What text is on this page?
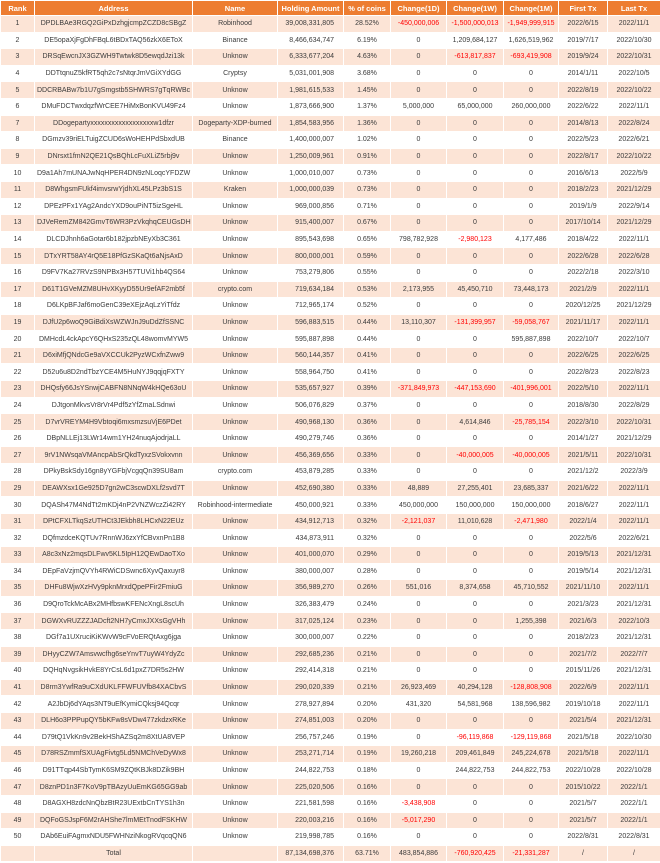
Rank	Address	Name	Holding Amount	% of coins	Change(1D)	Change(1W)	Change(1M)	First Tx	Last Tx
1	DPDLBAe3RGQ2GiPxDzhgjcmpZCZD8cSBgZ	Robinhood	39,008,331,805	28.52%	-450,000,006	-1,500,000,013	-1,949,999,915	2022/6/15	2022/11/1
2	DE5opaXjFgDhFBqL6tBDxTAQ56zkX6EToX	Binance	8,466,634,747	6.19%	0	1,209,684,127	1,626,519,962	2019/7/17	2022/10/30
3	DRSqEwcnJX3GZWH9Twtwk8D5ewqdJzi13k	Unknow	6,333,677,204	4.63%	0	-613,817,837	-693,419,908	2019/9/24	2022/10/31
4	DDTtqnuZ5kfRT5qh2c7sNtqrJmVGiXYdGG	Cryptsy	5,031,001,908	3.68%	0	0	0	2014/1/11	2022/10/5
5	DDCRBABw7b1U7gSmgstb5SHWRS7gTqRWBc	Unknow	1,981,615,533	1.45%	0	0	0	2022/8/19	2022/10/22
6	DMuFDCTwxdqzfWrCEE7HiMxBonKVU49Fz4	Unknow	1,873,666,900	1.37%	5,000,000	65,000,000	260,000,000	2022/6/22	2022/11/1
7	DDogepartyxxxxxxxxxxxxxxxxxxw1dfzr	Dogeparty-XDP-burned	1,854,583,956	1.36%	0	0	0	2014/8/13	2022/8/24
8	DGmzv39riELTuigZCUD6sWoHEHPdSbxdUB	Binance	1,400,000,007	1.02%	0	0	0	2022/5/23	2022/6/21
9	DNrsxt1fmN2QE21QsBQhLcFuXLiZ5rbj9v	Unknow	1,250,009,961	0.91%	0	0	0	2022/8/17	2022/10/22
10	D9a1Ah7mUNAJwNqHPER4DN9zNLoqcYFDZW	Unknow	1,000,010,007	0.73%	0	0	0	2016/6/13	2022/5/9
11	D8WhgsmFUkf4imvsrwYjdhXL45LPz3bS1S	Kraken	1,000,000,039	0.73%	0	0	0	2018/2/23	2021/12/29
12	DPEzPFx1YAg2AndcYXD9ouPiNT5izSgeHL	Unknow	969,000,856	0.71%	0	0	0	2019/1/9	2022/9/14
13	DJVeRemZM842GmvT6WR3PzVkqhqCEUGsDH	Unknow	915,400,007	0.67%	0	0	0	2017/10/14	2021/12/29
14	DLCDJhnh6aGotar6b182jpzbNEyXb3C361	Unknow	895,543,698	0.65%	798,782,928	-2,980,123	4,177,486	2018/4/22	2022/11/1
15	DTxYRT58AY4rQ5E18PfGzSKaQt6aNjsAxD	Unknow	800,000,001	0.59%	0	0	0	2022/6/28	2022/6/28
16	D9FV7Ka27RVzS9NPBx3H57TUVi1hb4QS64	Unknow	753,279,806	0.55%	0	0	0	2022/2/18	2022/3/10
17	D61T1GVeMZM8UHvXKyyD55Ur9efAF2mb5f	crypto.com	719,634,184	0.53%	2,173,955	45,450,710	73,448,173	2021/2/9	2022/11/1
18	D6LKpBFJaf6moGenC39eXEjzAqLzYiTfdz	Unknow	712,965,174	0.52%	0	0	0	2020/12/25	2021/12/29
19	DJfU2p6woQ9GiBdiXsWZWJnJ9uDdZfSSNC	Unknow	596,883,515	0.44%	13,110,307	-131,399,957	-59,058,767	2021/11/17	2022/11/1
20	DMHcdL4ckApcY6QHxS235zQL48womvMYW5	Unknow	595,887,898	0.44%	0	0	595,887,898	2022/10/7	2022/10/7
21	D6xiMfjQNdcGe9aVXCCUk2PyzWCxfnZww9	Unknow	560,144,357	0.41%	0	0	0	2022/6/25	2022/6/25
22	D52u6u8D2ndTbzYCE4M5HuNYJ9qqjqFXTY	Unknow	558,964,750	0.41%	0	0	0	2022/8/23	2022/8/23
23	DHQsfy66JsYSnwjCABFN8NNqW4kHQe63oU	Unknow	535,657,927	0.39%	-371,849,973	-447,153,690	-401,996,001	2022/5/10	2022/11/1
24	DJtgonMkvsVr8rVr4Pdf5zYfZmaLSdnwi	Unknow	506,076,829	0.37%	0	0	0	2018/8/30	2022/8/29
25	D7vrVREYM4H9Vbtoqi6mxsmzsuVjE6PDet	Unknow	490,968,130	0.36%	0	4,614,846	-25,785,154	2022/3/10	2022/10/31
26	DBpNLLEj13LWr14wm1YH24nuqAjodrjaLL	Unknow	490,279,746	0.36%	0	0	0	2014/1/27	2021/12/29
27	9rV1NWsqaVMAncpAbSrQkdTyxzSVokxvnn	Unknow	456,369,656	0.33%	0	-40,000,005	-40,000,005	2021/5/11	2022/10/31
28	DPkyBskSdy16gn8yYGFbjVcgqQn39SU8am	crypto.com	453,879,285	0.33%	0	0	0	2021/12/2	2022/3/9
29	DEAWXsx1Ge925D7gn2wC3scwDXLf2svd7T	Unknow	452,690,380	0.33%	48,889	27,255,401	23,685,337	2021/6/22	2022/11/1
30	DQASh47M4NdTt2mKDj4nP2VNZWczZi42RY	Robinhood-intermediate	450,000,921	0.33%	450,000,000	150,000,000	150,000,000	2018/6/27	2022/11/1
31	DPtCFXLTkqSzUTHCt3JEkbh8LHCxN22EUz	Unknow	434,912,713	0.32%	-2,121,037	11,010,628	-2,471,980	2022/1/4	2022/11/1
32	DQfmzdceKQTUv7RnnWJ6zxYfCBvxnPn1B8	Unknow	434,873,911	0.32%	0	0	0	2022/5/6	2022/6/21
33	A8c3xNz2mqsDLFwv5KL5IpH12QEwDaoTXo	Unknow	401,000,070	0.29%	0	0	0	2019/5/13	2021/12/31
34	DEpFaVzjmQVYh4RWiCDSwnc6XyvQaxuyr8	Unknow	380,000,007	0.28%	0	0	0	2019/5/14	2021/12/31
35	DHFu8WjwXzHVy9pknMrxdQpePFir2FmiuG	Unknow	356,989,270	0.26%	551,016	8,374,658	45,710,552	2021/11/10	2022/11/1
36	D9QroTckMcABx2MHfbswKFENcXngL8scUh	Unknow	326,383,479	0.24%	0	0	0	2021/3/23	2021/12/31
37	DGWXvRUZZZJADcft2NH7yCmxJXXsGgVHh	Unknow	317,025,124	0.23%	0	0	1,255,398	2021/6/3	2022/10/3
38	DGf7a1UXruciKiKWvW9cFVoERQtAxg6jga	Unknow	300,000,007	0.22%	0	0	0	2018/2/23	2021/12/31
39	DHyyCZW7Amsvwcfhg6seYnvT7uyW4YdyZc	Unknow	292,685,236	0.21%	0	0	0	2021/7/2	2022/7/7
40	DQHqNvgsikHvkE8YrCsL6d1pxZ7DR5s2HW	Unknow	292,414,318	0.21%	0	0	0	2015/11/26	2021/12/31
41	D8rm3YwfRa9uCXdUKLFFWFUVfb84XACbvS	Unknow	290,020,339	0.21%	26,923,469	40,294,128	-128,808,908	2022/6/9	2022/11/1
42	A2JbDj6dYAqs3NT9uEfKymiCQksj94Qcqr	Unknow	278,927,894	0.20%	431,320	54,581,968	138,596,982	2019/10/18	2022/11/1
43	DLH6o3PPPupQY5bKFw8sVDw477zkdzxRKe	Unknow	274,851,003	0.20%	0	0	0	2021/5/4	2021/12/31
44	D79tQ1VkKn9v2BekHShAZSq2m8XtUA8VEP	Unknow	256,757,246	0.19%	0	-96,119,868	-129,119,868	2021/5/18	2022/10/30
45	D78RSZmmfSXUAgFivtg5Ld5NMChVeDyWx8	Unknow	253,271,714	0.19%	19,260,218	209,461,849	245,224,678	2021/5/18	2022/11/1
46	D91TTqp44SbTymK6SM9ZQtKBJk8DZik9BH	Unknow	244,822,753	0.18%	0	244,822,753	244,822,753	2022/10/28	2022/10/28
47	D8znPD1n3F7KoV9pTBAzyUuEmKG65GG9ab	Unknow	225,020,506	0.16%	0	0	0	2015/10/22	2022/1/1
48	D8AGXH8zdcNnQbzBtR23UExtbCnTYS1h3n	Unknow	221,581,598	0.16%	-3,438,908	0	0	2021/5/7	2022/1/1
49	DQFoGSJspF6M2rAHShe7lmMEtTnodFSKHW	Unknow	220,003,216	0.16%	-5,017,290	0	0	2021/5/7	2022/1/1
50	DAb6EuiFAgmxNDU5FWHNziNkogRVqcqQN6	Unknow	219,998,785	0.16%	0	0	0	2022/8/31	2022/8/31
	Total		87,134,698,376	63.71%	483,854,886	-760,920,425	-21,331,287	/	/
